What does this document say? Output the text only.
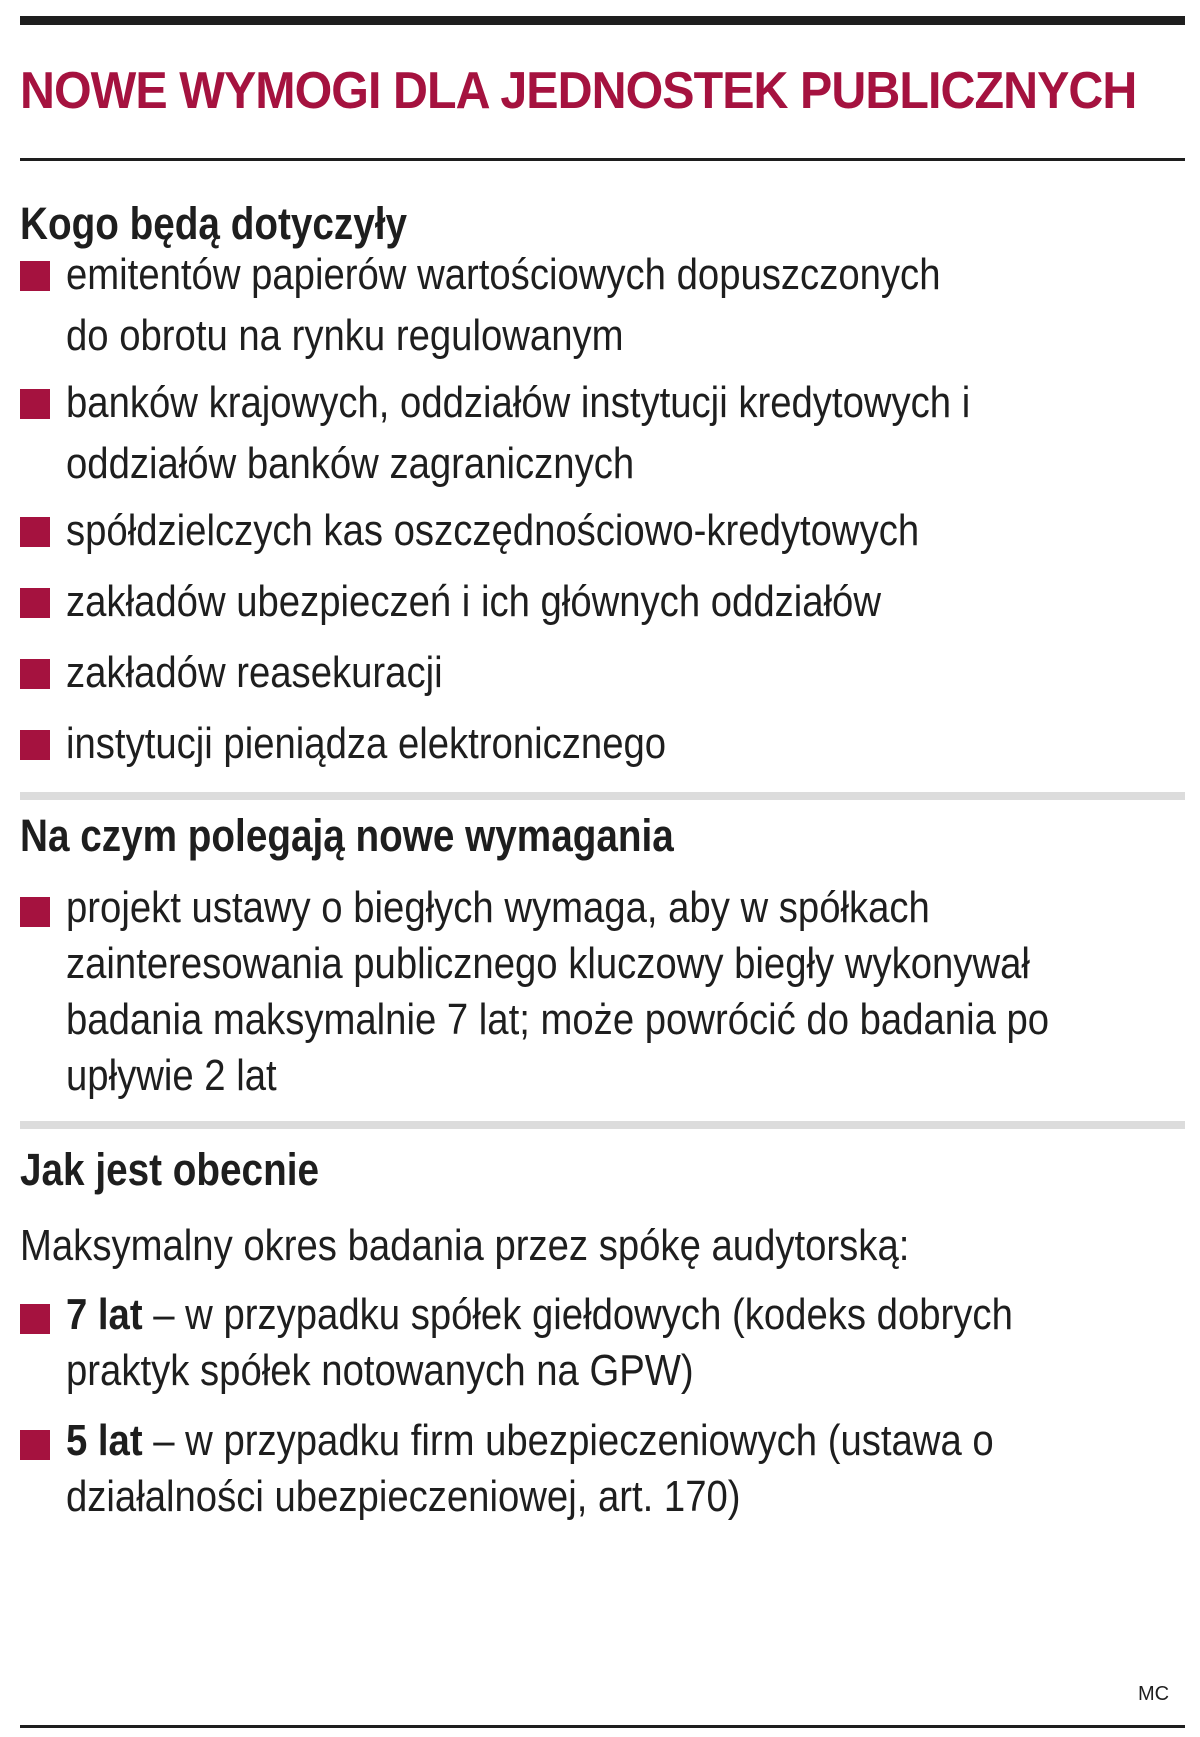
NOWE WYMOGI DLA JEDNOSTEK PUBLICZNYCH
Kogo będą dotyczyły
emitentów papierów wartościowych dopuszczonych do obrotu na rynku regulowanym
banków krajowych, oddziałów instytucji kredytowych i oddziałów banków zagranicznych
spółdzielczych kas oszczędnościowo-kredytowych
zakładów ubezpieczeń i ich głównych oddziałów
zakładów reasekuracji
instytucji pieniądza elektronicznego
Na czym polegają nowe wymagania
projekt ustawy o biegłych wymaga, aby w spółkach zainteresowania publicznego kluczowy biegły wykonywał badania maksymalnie 7 lat; może powrócić do badania po upływie 2 lat
Jak jest obecnie
Maksymalny okres badania przez spókę audytorską:
7 lat – w przypadku spółek giełdowych (kodeks dobrych praktyk spółek notowanych na GPW)
5 lat – w przypadku firm ubezpieczeniowych (ustawa o działalności ubezpieczeniowej, art. 170)
MC
